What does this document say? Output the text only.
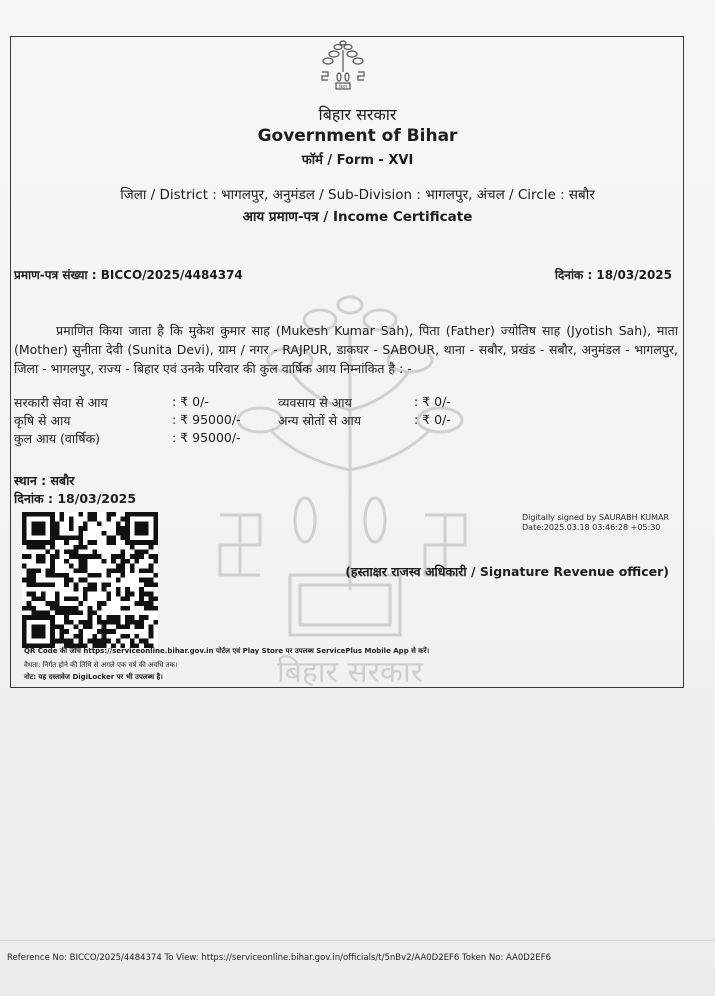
बिहार
बिहार सरकार
बिहार सरकार
Government of Bihar
फॉर्म / Form - XVI
जिला / District : भागलपुर, अनुमंडल / Sub-Division : भागलपुर, अंचल / Circle : सबौर
आय प्रमाण-पत्र / Income Certificate
प्रमाण-पत्र संख्या : BICCO/2025/4484374	दिनांक : 18/03/2025
प्रमाणित किया जाता है कि मुकेश कुमार साह (Mukesh Kumar Sah), पिता (Father) ज्योतिष साह (Jyotish Sah), माता (Mother) सुनीता देवी (Sunita Devi), ग्राम / नगर - RAJPUR, डाकघर - SABOUR, थाना - सबौर, प्रखंड - सबौर, अनुमंडल - भागलपुर, जिला - भागलपुर, राज्य - बिहार एवं उनके परिवार की कुल वार्षिक आय निम्नांकित है : -
सरकारी सेवा से आय	: ₹ 0/-	व्यवसाय से आय	: ₹ 0/-
कृषि से आय	: ₹ 95000/-	अन्य स्रोतों से आय	: ₹ 0/-
कुल आय (वार्षिक)	: ₹ 95000/-
स्थान : सबौर
दिनांक : 18/03/2025
Digitally signed by SAURABH KUMAR
Date:2025.03.18 03:46:28 +05:30
(हस्ताक्षर राजस्व अधिकारी / Signature Revenue officer)
QR Code की जाँच https://serviceonline.bihar.gov.in पोर्टल एवं Play Store पर उपलब्ध ServicePlus Mobile App से करें।
वैधता: निर्गत होने की तिथि से अगले एक वर्ष की अवधि तक।
नोट: यह दस्तावेज DigiLocker पर भी उपलब्ध है।
Reference No: BICCO/2025/4484374 To View: https://serviceonline.bihar.gov.in/officials/t/5nBv2/AA0D2EF6 Token No: AA0D2EF6
